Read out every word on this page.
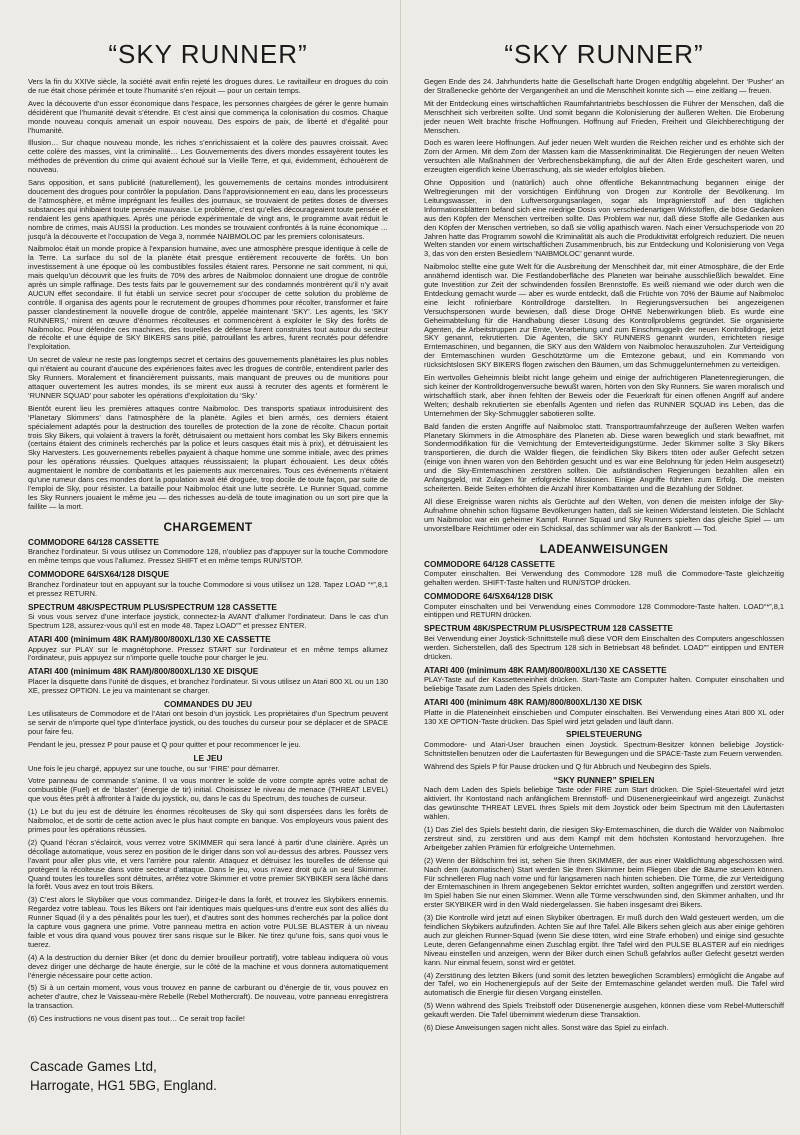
“SKY RUNNER”

Vers la fin du XXIVe siècle, la société avait enfin rejeté les drogues dures. Le ravitailleur en drogues du coin de rue était chose périmée et toute l’humanité s’en réjouit — pour un certain temps.

Avec la découverte d’un essor économique dans l’espace, les personnes chargées de gérer le genre humain décidèrent que l’humanité devait s’étendre. Et c’est ainsi que commença la colonisation du cosmos. Chaque monde nouveau conquis amenait un espoir nouveau. Des espoirs de paix, de liberté et d’égalité pour l’humanité.

Illusion… Sur chaque nouveau monde, les riches s’enrichissaient et la colère des pauvres croissait. Avec cette colère des masses, vint la criminalité… Les Gouvernements des divers mondes essayèrent toutes les méthodes de prévention du crime qui avaient échoué sur la Vieille Terre, et qui, évidemment, échouèrent de nouveau.

Sans opposition, et sans publicité (naturellement), les gouvernements de certains mondes introduisirent doucement des drogues pour contrôler la population. Dans l’approvisionnement en eau, dans les processeurs de l’atmosphère, et même imprégnant les feuilles des journaux, se trouvaient de petites doses de diverses substances qui inhibaient toute pensée mauvaise. Le problème, c’est qu’elles décourageaient toute pensée et rendaient les gens apathiques. Après une période expérimentale de vingt ans, le programme avait réduit le nombre de crimes, mais AUSSI la production. Les mondes se trouvaient confrontés à la ruine économique … jusqu’à la découverte et l’occupation de Vega 3, nommée NAIBMOLOC par les premiers colonisateurs.

Naibmoloc était un monde propice à l’expansion humaine, avec une atmosphère presque identique à celle de la Terre. La surface du sol de la planète était presque entièrement recouverte de forêts. Un bon investissement à une époque où les combustibles fossiles étaient rares. Personne ne sait comment, ni qui, mais quelqu’un découvrit que les fruits de 70% des arbres de Naibmoloc donnaient une drogue de contrôle après un simple raffinage. Des tests faits par le gouvernement sur des condamnés montrèrent qu’il n’y avait AUCUN effet secondaire. Il fut établi un service secret pour s’occuper de cette solution du problème de contrôle. Il organisa des agents pour le recrutement de groupes d’hommes pour récolter, transformer et faire passer clandestinement la nouvelle drogue de contrôle, appelée maintenant ‘SKY’. Les agents, les ‘SKY RUNNERS,’ mirent en œuvre d’énormes récolteuses et commencèrent à exploiter le Sky des forêts de Naibmoloc. Pour défendre ces machines, des tourelles de défense furent construites tout autour du secteur de récolte et une équipe de SKY BIKERS sans pitié, patrouillant les arbres, furent recrutés pour défendre l’exploitation.

Un secret de valeur ne reste pas longtemps secret et certains des gouvernements planétaires les plus nobles qui n’étaient au courant d’aucune des expériences faites avec les drogues de contrôle, entendirent parler des Sky Runners. Moralement et financièrement puissants, mais manquant de preuves ou de munitions pour attaquer ouvertement les autres mondes, ils se mirent eux aussi à recruter des agents et formèrent le ‘RUNNER SQUAD’ pour saboter les opérations d’exploitation du ‘Sky.’

Bientôt eurent lieu les premières attaques contre Naibmoloc. Des transports spatiaux introduisirent des ‘Planetary Skimmers’ dans l’atmosphère de la planète. Agiles et bien armés, ces derniers étaient spécialement adaptés pour la destruction des tourelles de protection de la zone de récolte. Chacun portait trois Sky Bikers, qui volaient à travers la forêt, détruisaient ou mettaient hors combat les Sky Bikers ennemis (certains étaient des criminels recherchés par la police et leurs casques était mis à prix), et détruisaient les Sky Harvesters. Les gouvernements rebelles payaient à chaque homme une somme initiale, avec des primes pour les opérations réussies. Quelques attaques réussissaient; la plupart échouaient. Les deux côtés augmentaient le nombre de combattants et les paiements aux mercenaires. Tous ces événements n’étaient qu’une rumeur dans ces mondes dont la population avait été droguée, trop docile de toute façon, par suite de l’emploi de Sky, pour résister. La bataille pour Naibmoloc était une lutte secrète. Le Runner Squad, comme les Sky Runners jouaient le même jeu — des richesses au-delà de toute imagination ou un sort pire que la faillite — la mort.

CHARGEMENT
COMMODORE 64/128 CASSETTE

Branchez l’ordinateur. Si vous utilisez un Commodore 128, n’oubliez pas d’appuyer sur la touche Commodore en même temps que vous l’allumez. Pressez SHIFT et en même temps RUN/STOP.

COMMODORE 64/SX64/128 DISQUE

Branchez l’ordinateur tout en appuyant sur la touche Commodore si vous utilisez un 128. Tapez LOAD “*”,8,1 et pressez RETURN.

SPECTRUM 48K/SPECTRUM PLUS/SPECTRUM 128 CASSETTE

Si vous vous servez d’une interface joystick, connectez-la AVANT d’allumer l’ordinateur. Dans le cas d’un Spectrum 128, assurez-vous qu’il est en mode 48. Tapez LOAD”” et pressez ENTER.

ATARI 400 (minimum 48K RAM)/800/800XL/130 XE CASSETTE

Appuyez sur PLAY sur le magnétophone. Pressez START sur l’ordinateur et en même temps allumez l’ordinateur, puis appuyez sur n’importe quelle touche pour charger le jeu.

ATARI 400 (minimum 48K RAM)/800/800XL/130 XE DISQUE

Placer la disquette dans l’unité de disques, et branchez l’ordinateur. Si vous utilisez un Atari 800 XL ou un 130 XE, pressez OPTION. Le jeu va maintenant se charger.

COMMANDES DU JEU

Les utilisateurs de Commodore et de l’Atari ont besoin d’un joystick. Les propriétaires d’un Spectrum peuvent se servir de n’importe quel type d’interface joystick, ou des touches du curseur pour se déplacer et de SPACE pour faire feu.

Pendant le jeu, pressez P pour pause et Q pour quitter et pour recommencer le jeu.

LE JEU

Une fois le jeu chargé, appuyez sur une touche, ou sur ‘FIRE’ pour démarrer.

Votre panneau de commande s’anime. Il va vous montrer le solde de votre compte après votre achat de combustible (Fuel) et de ‘blaster’ (énergie de tir) initial. Choisissez le niveau de menace (THREAT LEVEL) que vous êtes prêt à affronter à l’aide du joystick, ou, dans le cas du Spectrum, des touches de curseur.

(1) Le but du jeu est de détruire les énormes récolteuses de Sky qui sont dispersées dans les forêts de Naibmoloc, et de sortir de cette action avec le plus haut compte en banque. Vos employeurs vous paient des primes pour les opérations réussies.

(2) Quand l’écran s’éclaircit, vous verrez votre SKIMMER qui sera lancé à partir d’une clairière. Après un décollage automatique, vous serez en position de le diriger dans son vol au-dessus des arbres. Poussez vers l’avant pour aller plus vite, et vers l’arrière pour ralentir. Attaquez et détruisez les tourelles de défense qui protègent la récolteuse dans votre secteur d’attaque. Dans le jeu, vous n’avez droit qu’à un seul Skimmer. Quand toutes les tourelles sont détruites, arrêtez votre Skimmer et votre premier SKYBIKER sera lâché dans la forêt. Vous avez en tout trois Bikers.

(3) C’est alors le Skybiker que vous commandez. Dirigez-le dans la forêt, et trouvez les Skybikers ennemis. Regardez votre tableau. Tous les Bikers ont l’air identiques mais quelques-uns d’entre eux sont des alliés du Runner Squad (il y a des pénalités pour les tuer), et d’autres sont des hommes recherchés par la police dont la capture vous gagnera une prime. Votre panneau mettra en action votre PULSE BLASTER à un niveau faible et vous dira quand vous pouvez tirer sans risque sur le Biker. Ne tirez qu’une fois, sans quoi vous le tuerez.

(4) A la destruction du dernier Biker (et donc du dernier brouilleur portratif), votre tableau indiquera où vous devez diriger une décharge de haute énergie, sur le côté de la machine et vous donnera automatiquement l’énergie nécessaire pour cette action.

(5) Si à un certain moment, vous vous trouvez en panne de carburant ou d’énergie de tir, vous pouvez en acheter d’autre, chez le Vaisseau-mère Rebelle (Rebel Mothercraft). De nouveau, votre panneau enregistrera la transaction.

(6) Ces instructions ne vous disent pas tout… Ce serait trop facile!

Cascade Games Ltd,
Harrogate, HG1 5BG, England.
“SKY RUNNER”

Gegen Ende des 24. Jahrhunderts hatte die Gesellschaft harte Drogen endgültig abgelehnt. Der ‘Pusher’ an der Straßenecke gehörte der Vergangenheit an und die Menschheit konnte sich — eine zeitlang — freuen.

Mit der Entdeckung eines wirtschaftlichen Raumfahrtantriebs beschlossen die Führer der Menschen, daß die Menschheit sich verbreiten sollte. Und somit begann die Kolonisierung der äußeren Welten. Die Eroberung jeder neuen Welt brachte frische Hoffnungen. Hoffnung auf Frieden, Freiheit und Gleichberechtigung der Menschen.

Doch es waren leere Hoffnungen. Auf jeder neuen Welt wurden die Reichen reicher und es erhöhte sich der Zorn der Armen. Mit dem Zorn der Massen kam die Massenkriminalität. Die Regierungen der neuen Welten versuchten alle Maßnahmen der Verbrechensbekämpfung, die auf der Alten Erde gescheitert waren, und erzeugten eigentlich keine Überraschung, als sie wieder erfolglos blieben.

Ohne Opposition und (natürlich) auch ohne öffentliche Bekanntmachung begannen einige der Weltregierungen mit der vorsichtigen Einführung von Drogen zur Kontrolle der Bevölkerung. Im Leitungswasser, in den Luftversorgungsanlagen, sogar als Imprägnierstoff auf den täglichen Informationsblättern befand sich eine niedrige Dosis von verschiedenartigen Wirkstoffen, die böse Gedanken aus den Köpfen der Menschen vertreiben sollte. Das Problem war nur, daß diese Stoffe alle Gedanken aus den Köpfen der Menschen vertrieben, so daß sie völlig apathisch waren. Nach einer Versuchsperiode von 20 Jahren hatte das Programm sowohl die Kriminalität als auch die Produktivität erfolgreich reduziert. Die neuen Welten standen vor einem wirtschaftlichen Zusammenbruch, bis zur Entdeckung und Kolonisierung von Vega 3, das von den ersten Besiedlern ‘NAIBMOLOC’ genannt wurde.

Naibmoloc stellte eine gute Welt für die Ausbreitung der Menschheit dar, mit einer Atmosphäre, die der Erde annähernd identisch war. Die Festlandoberfläche des Planeten war beinahe ausschließlich bewaldet. Eine gute Investition zur Zeit der schwindenden fossilen Brennstoffe. Es weiß niemand wie oder durch wen die Entdeckung gemacht wurde — aber es wurde entdeckt, daß die Früchte von 70% der Bäume auf Naibmoloc eine leicht rofinierbare Kontrolldroge darstellten. In Regierungsversuchen bei angezeigenen Versuchspersonen wurde bewiesen, daß diese Droge OHNE Nebenwirkungen blieb. Es wurde eine Geheimabteilung für die Handhabung dieser Lösung des Kontrollproblems gegründet. Sie organisierte Agenten, die Arbeitstruppen zur Ernte, Verarbeitung und zum Einschmuggeln der neuen Kontrolldroge, jetzt SKY genannt, rekrutierten. Die Agenten, die SKY RUNNERS genannt wurden, errichteten riesige Erntemaschinen, und begannen, die SKY aus den Wäldern von Naibmoloc herauszuholen. Zur Verteidigung der Erntemaschinen wurden Geschütztürme um die Erntezone gebaut, und ein Kommando von rücksichtslosen SKY BIKERS flogen zwischen den Bäumen, um das Schmuggelunternehmen zu verteidigen.

Ein wertvolles Geheimnis bleibt nicht lange geheim und einige der aufrichtigeren Planetenregierungen, die sich keiner der Kontrolldrogenversuche bewußt waren, hörten von den Sky Runners. Sie waren moralisch und wirtschaftlich stark, aber ihnen fehlten der Beweis oder die Feuerkraft für einen offenen Angriff auf andere Welten; deshalb rekrutierten sie ebenfalls Agenten und riefen das RUNNER SQUAD ins Leben, das die Unternehmen der Sky-Schmuggler sabotieren sollte.

Bald fanden die ersten Angriffe auf Naibmoloc statt. Transportraumfahrzeuge der äußeren Welten warfen Planetary Skimmers in die Atmosphäre des Planeten ab. Diese waren beweglich und stark bewaffnet, mit Sondermodifikation für die Vernichtung der Ernteverteidigungstürme. Jeder Skimmer sollte 3 Sky Bikers transportieren, die durch die Wälder fliegen, die feindlichen Sky Bikers töten oder außer Gefecht setzen (einige von ihnen waren von den Behörden gesucht und es war eine Belohnung für jeden Helm ausgesetzt) und die Sky-Erntemaschinen zerstören sollten. Die aufständischen Regierungen bezahlten allen ein Anfangsgeld, mit Zulagen für erfolgreiche Missionen. Einige Angriffe führten zum Erfolg. Die meisten scheiterten. Beide Seiten erhöhten die Anzahl ihrer Kombattanten und die Bezahlung der Söldner.

All diese Ereignisse waren nichts als Gerüchte auf den Welten, von denen die meisten infolge der Sky-Aufnahme ohnehin schon fügsame Bevölkerungen hatten, daß sie keinen Widerstand leisteten. Die Schlacht um Naibmoloc war ein geheimer Kampf. Runner Squad und Sky Runners spielten das gleiche Spiel — um unvorstellbare Reichtümer oder ein Schicksal, das schlimmer war als der Bankrott — Tod.

LADEANWEISUNGEN
COMMODORE 64/128 CASSETTE

Computer einschalten. Bei Verwendung des Commodore 128 muß die Commodore-Taste gleichzeitig gehalten werden. SHIFT-Taste halten und RUN/STOP drücken.

COMMODORE 64/SX64/128 DISK

Computer einschalten und bei Verwendung eines Commodore 128 Commodore-Taste halten. LOAD“*”,8,1 eintippen und RETURN drücken.

SPECTRUM 48K/SPECTRUM PLUS/SPECTRUM 128 CASSETTE

Bei Verwendung einer Joystick-Schnittstelle muß diese VOR dem Einschalten des Computers angeschlossen werden. Sicherstellen, daß des Spectrum 128 sich in Betriebsart 48 befindet. LOAD”” eintippen und ENTER drücken.

ATARI 400 (minimum 48K RAM)/800/800XL/130 XE CASSETTE

PLAY-Taste auf der Kassetteneinheit drücken. Start-Taste am Computer halten. Computer einschalten und beliebige Tasate zum Laden des Spiels drücken.

ATARI 400 (minimum 48K RAM)/800/800XL/130 XE DISK

Platte in die Plateneinheit einschieben und Computer einschalten. Bei Verwendung eines Atari 800 XL oder 130 XE OPTION-Taste drücken. Das Spiel wird jetzt geladen und läuft dann.

SPIELSTEUERUNG

Commodore- und Atari-User brauchen einen Joystick. Spectrum-Besitzer können beliebige Joystick-Schnittstellen benutzen oder die Laufertasten für Bewegungen und die SPACE-Taste zum Feuern verwenden.

Während des Spiels P für Pause drücken und Q für Abbruch und Neubeginn des Spiels.

“SKY RUNNER” SPIELEN

Nach dem Laden des Spiels beliebige Taste oder FIRE zum Start drücken. Die Spiel-Steuertafel wird jetzt aktiviert. Ihr Kontostand nach anfänglichem Brennstoff- und Düsenenergieeinkauf wird angezeigt. Zunächst das gewünschte THREAT LEVEL Ihres Spiels mit dem Joystick oder beim Spectrum mit den Läufertasten wählen.

(1) Das Ziel des Spiels besteht darin, die riesigen Sky-Erntemaschinen, die durch die Wälder von Naibmoloc zerstreut sind, zu zerstören und aus dem Kampf mit dem höchsten Kontostand hervorzugehen. Ihre Arbeitgeber zahlen Prämien für erfolgreiche Unternehmen.

(2) Wenn der Bildschirm frei ist, sehen Sie Ihren SKIMMER, der aus einer Waldlichtung abgeschossen wird. Nach dem (automatischen) Start werden Sie Ihren Skimmer beim Fliegen über die Bäume steuern können. Für schnelleren Flug nach vorne und für langsameren nach hinten schieben. Die Türme, die zur Verteidigung der Erntemaschinen in Ihrem angegebenen Sektor errichtet wurden, sollten angegriffen und zerstört werden. Im Spiel haben Sie nur einen Skimmer. Wenn alle Türme verschwunden sind, den Skimmer anhalten, und Ihr erster SKYBIKER wird in den Wald niedergelassen. Sie haben insgesamt drei Bikers.

(3) Die Kontrolle wird jetzt auf einen Skybiker übertragen. Er muß durch den Wald gesteuert werden, um die feindlichen Skybikers aufzufinden. Achten Sie auf Ihre Tafel. Alle Bikers sehen gleich aus aber einige gehören auch zur gleichen Runner-Squad (wenn Sie diese töten, wird eine Strafe erhoben) und einige sind gesuchte Leute, deren Gefangennahme einen Zuschlag ergibt. Ihre Tafel wird den PULSE BLASTER auf ein niedriges Niveau einstellen und anzeigen, wenn der Biker durch einen Schuß gefahrlos außer Gefecht gesetzt werden kann. Nur einmal feuern, sonst wird er getötet.

(4) Zerstörung des letzten Bikers (und somit des letzten beweglichen Scramblers) ermöglicht die Angabe auf der Tafel, wo ein Hochenergiepuls auf der Seite der Erntemaschine gelandet werden muß. Die Tafel wird automatisch die Energie für diesen Vorgang einstellen.

(5) Wenn während des Spiels Treibstoff oder Düsenenergie ausgehen, können diese vom Rebel-Mutterschiff gekauft werden. Die Tafel übernimmt wiederum diese Transaktion.

(6) Diese Anweisungen sagen nicht alles. Sonst wäre das Spiel zu einfach.
